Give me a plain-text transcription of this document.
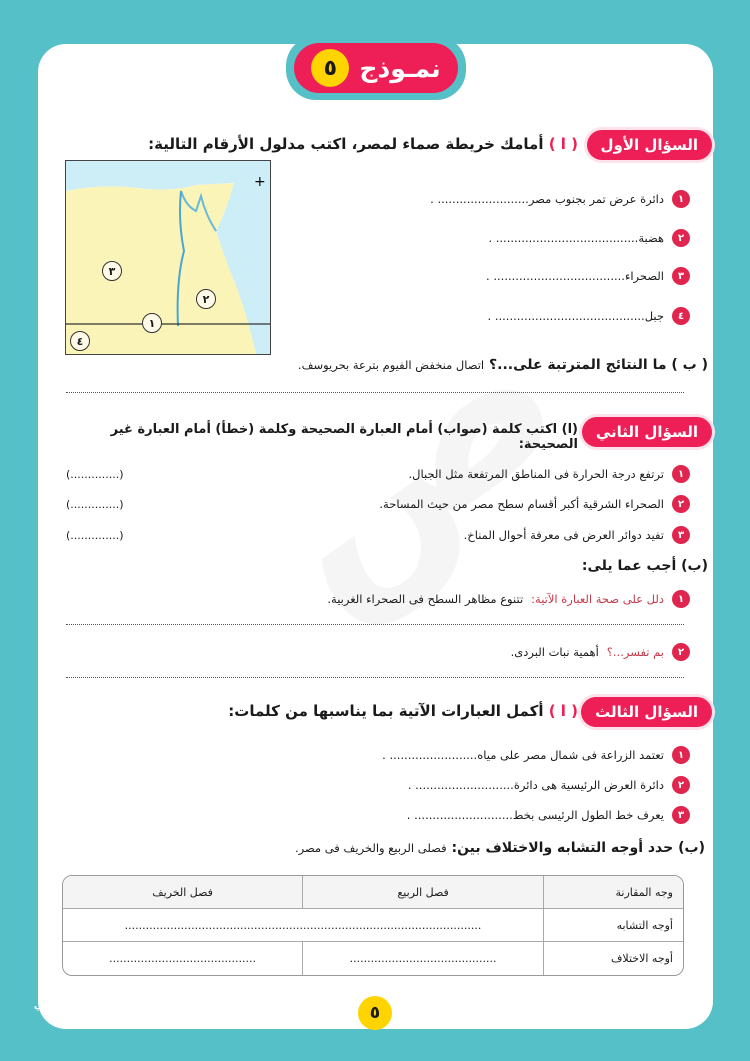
نمـوذج
٥
السؤال الأول
( ا ) أمامك خريطة صماء لمصر، اكتب مدلول الأرقام التالية:
+
٣
٢
١
٤
١
دائرة عرض تمر بجنوب مصر......................... .
٢
هضبة....................................... .
٣
الصحراء.................................... .
٤
جبل......................................... .
( ب ) ما النتائج المترتبة على...؟ اتصال منخفض الفيوم بترعة بحريوسف.
السؤال الثاني
(ا) اكتب كلمة (صواب) أمام العبارة الصحيحة وكلمة (خطأ) أمام العبارة غير الصحيحة:
١
ترتفع درجة الحرارة فى المناطق المرتفعة مثل الجبال.
(..............)
٢
الصحراء الشرقية أكبر أقسام سطح مصر من حيث المساحة.
(..............)
٣
تفيد دوائر العرض فى معرفة أحوال المناخ.
(..............)
(ب) أجب عما يلى:
١
دلل على صحة العبارة الآتية:
تتنوع مظاهر السطح فى الصحراء الغربية.
٢
بم تفسر...؟
أهمية نبات البردى.
السؤال الثالث
( ا ) أكمل العبارات الآتية بما يناسبها من كلمات:
١
تعتمد الزراعة فى شمال مصر على مياه........................ .
٢
دائرة العرض الرئيسية هى دائرة........................... .
٣
يعرف خط الطول الرئيسى بخط........................... .
(ب) حدد أوجه التشابه والاختلاف بين: فصلى الربيع والخريف فى مصر.
وجه المقارنة	فصل الربيع	فصل الخريف
أوجه التشابه	......................................................................................................	
أوجه الاختلاف	..........................................	..........................................
٥
الصف الخامس الابتدائي
